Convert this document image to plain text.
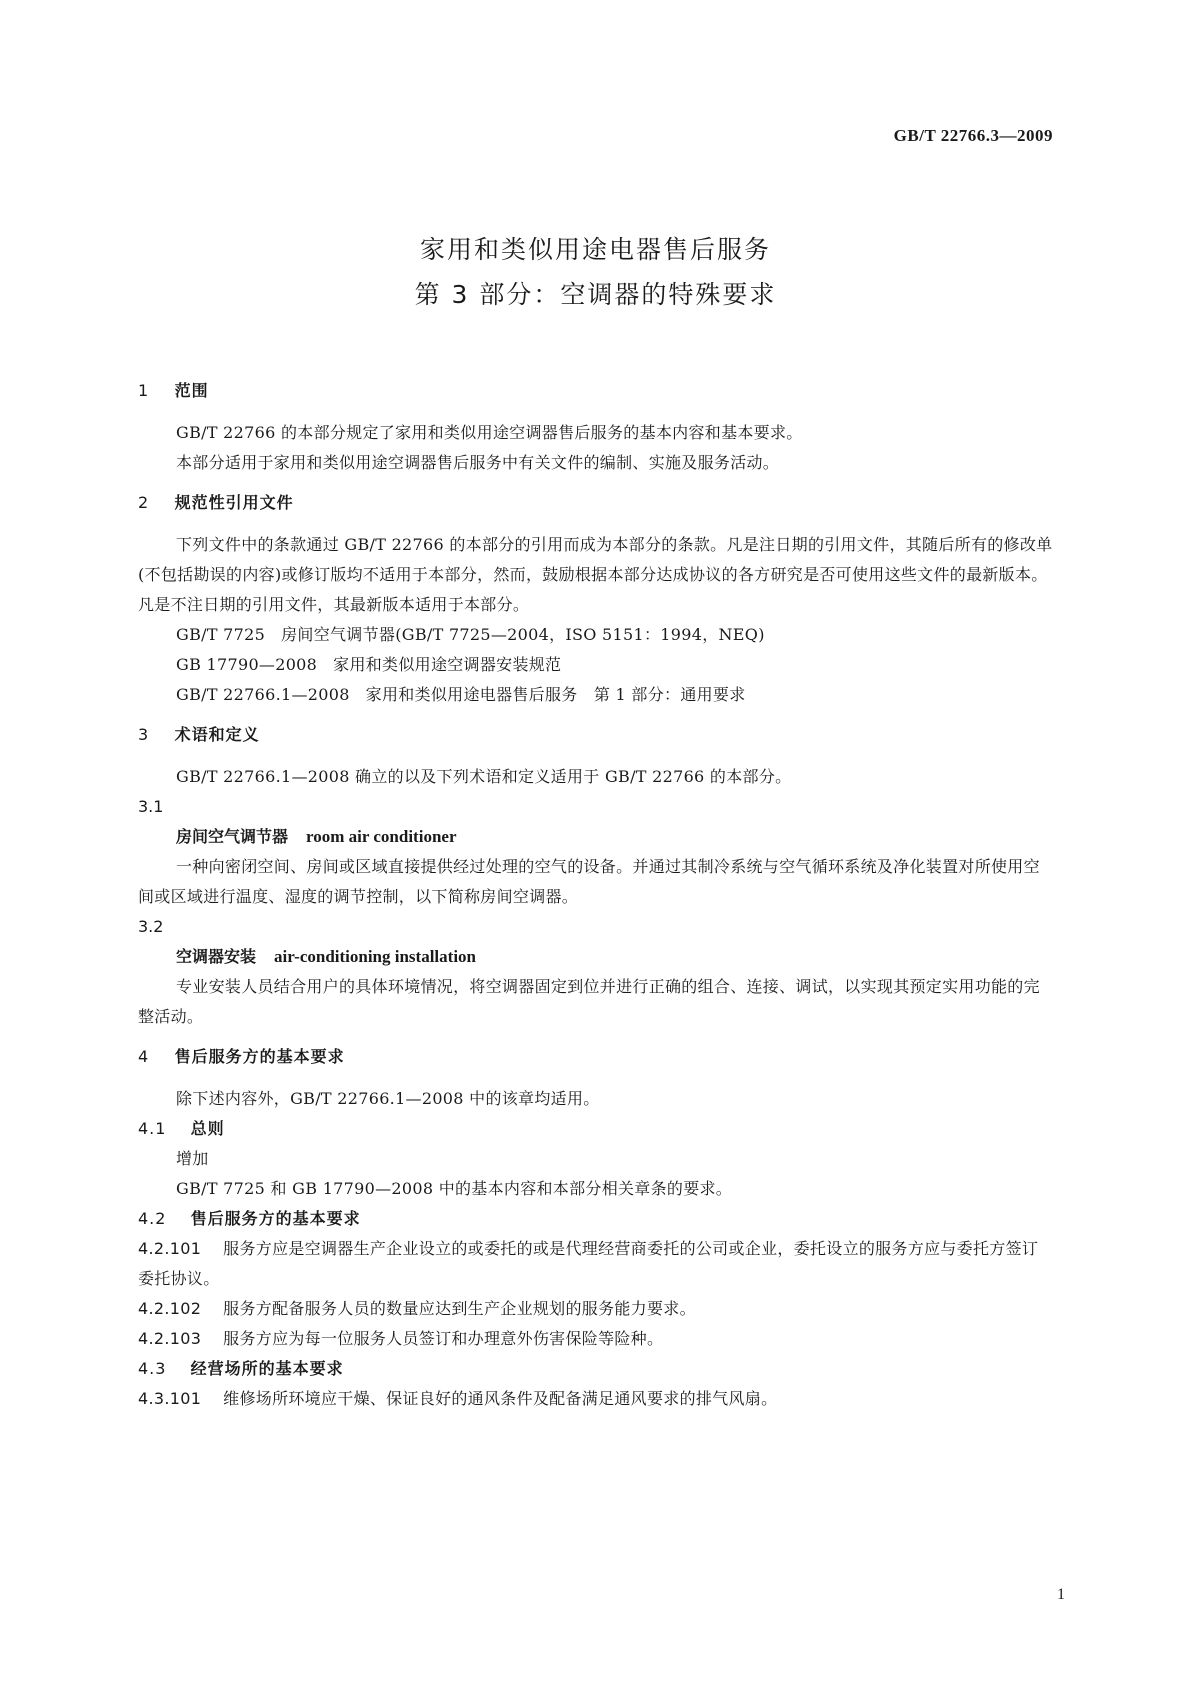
GB/T 22766.3—2009
家用和类似用途电器售后服务
第 3 部分：空调器的特殊要求
1 范围

GB/T 22766 的本部分规定了家用和类似用途空调器售后服务的基本内容和基本要求。

本部分适用于家用和类似用途空调器售后服务中有关文件的编制、实施及服务活动。

2 规范性引用文件

下列文件中的条款通过 GB/T 22766 的本部分的引用而成为本部分的条款。凡是注日期的引用文件，其随后所有的修改单(不包括勘误的内容)或修订版均不适用于本部分，然而，鼓励根据本部分达成协议的各方研究是否可使用这些文件的最新版本。凡是不注日期的引用文件，其最新版本适用于本部分。

GB/T 7725 房间空气调节器(GB/T 7725—2004，ISO 5151：1994，NEQ)
GB 17790—2008 家用和类似用途空调器安装规范
GB/T 22766.1—2008 家用和类似用途电器售后服务　第 1 部分：通用要求
3 术语和定义

GB/T 22766.1—2008 确立的以及下列术语和定义适用于 GB/T 22766 的本部分。

3.1
房间空气调节器 room air conditioner

一种向密闭空间、房间或区域直接提供经过处理的空气的设备。并通过其制冷系统与空气循环系统及净化装置对所使用空间或区域进行温度、湿度的调节控制，以下简称房间空调器。

3.2
空调器安装 air-conditioning installation

专业安装人员结合用户的具体环境情况，将空调器固定到位并进行正确的组合、连接、调试，以实现其预定实用功能的完整活动。

4 售后服务方的基本要求

除下述内容外，GB/T 22766.1—2008 中的该章均适用。

4.1 总则

增加

GB/T 7725 和 GB 17790—2008 中的基本内容和本部分相关章条的要求。

4.2 售后服务方的基本要求

4.2.101 服务方应是空调器生产企业设立的或委托的或是代理经营商委托的公司或企业，委托设立的服务方应与委托方签订委托协议。

4.2.102 服务方配备服务人员的数量应达到生产企业规划的服务能力要求。

4.2.103 服务方应为每一位服务人员签订和办理意外伤害保险等险种。

4.3 经营场所的基本要求

4.3.101 维修场所环境应干燥、保证良好的通风条件及配备满足通风要求的排气风扇。

1
